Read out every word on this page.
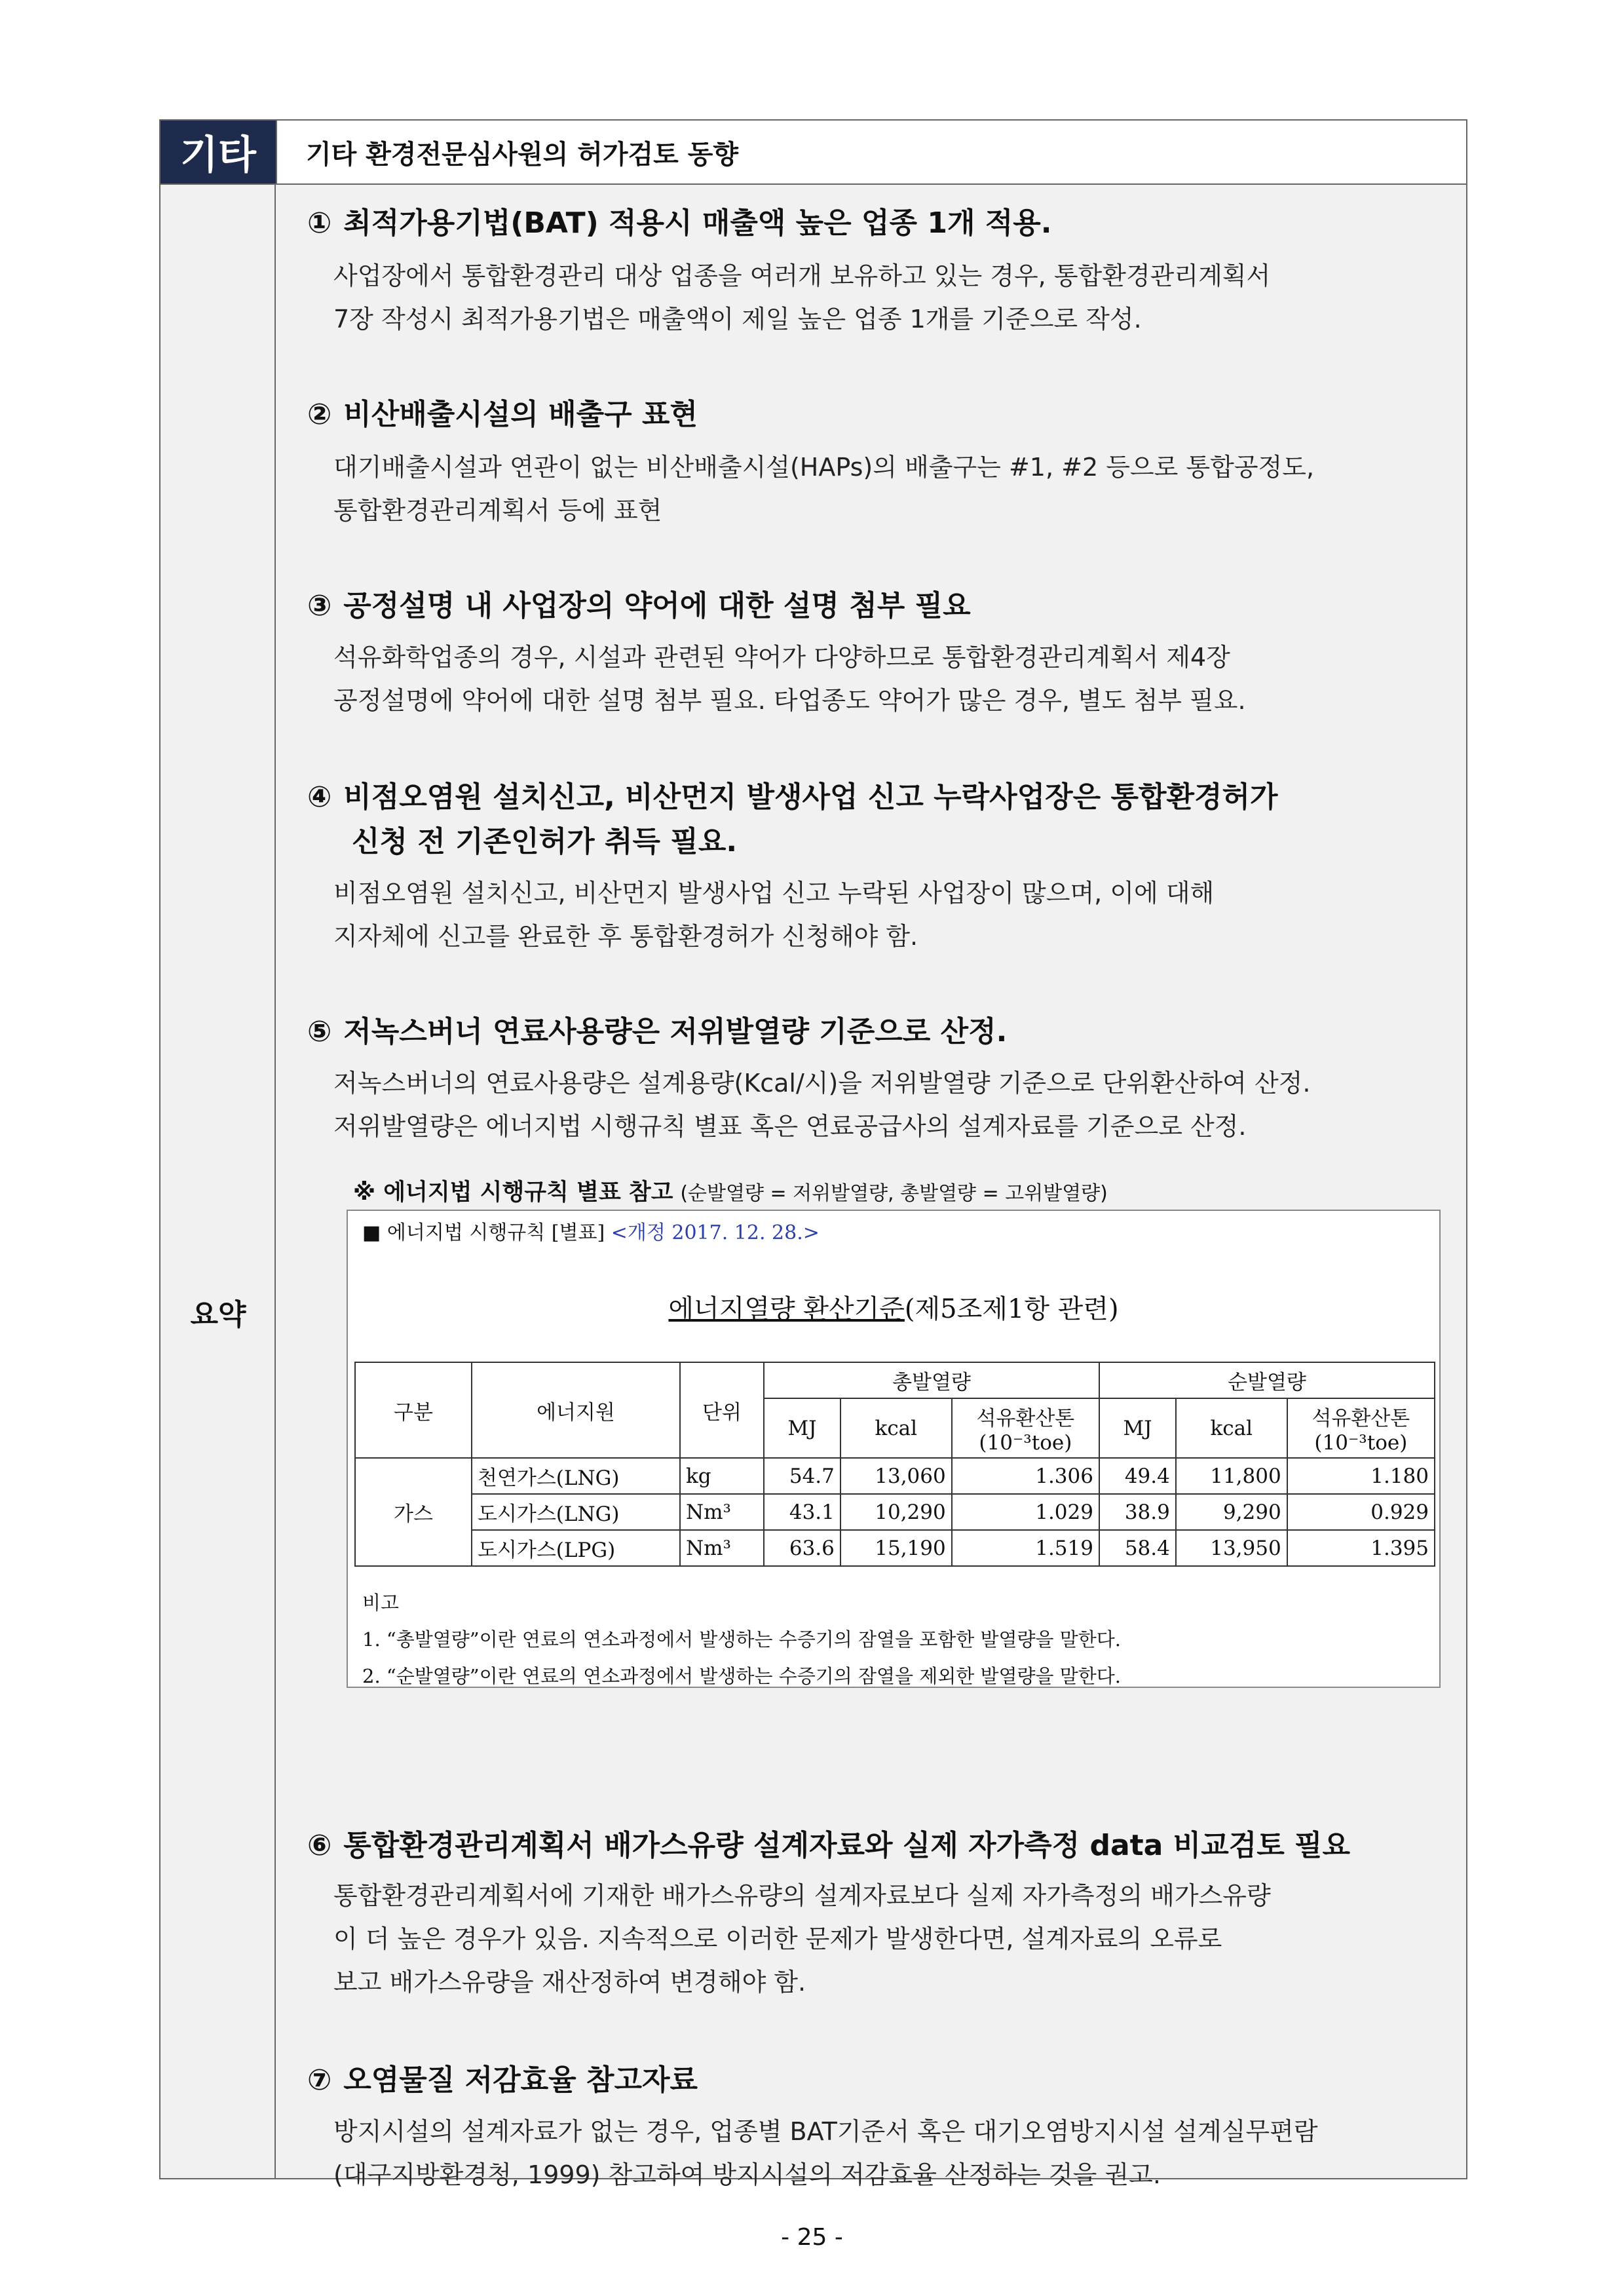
기타	기타 환경전문심사원의 허가검토 동향
요약
① 최적가용기법(BAT) 적용시 매출액 높은 업종 1개 적용.

사업장에서 통합환경관리 대상 업종을 여러개 보유하고 있는 경우, 통합환경관리계획서
7장 작성시 최적가용기법은 매출액이 제일 높은 업종 1개를 기준으로 작성.

② 비산배출시설의 배출구 표현

대기배출시설과 연관이 없는 비산배출시설(HAPs)의 배출구는 #1, #2 등으로 통합공정도,
통합환경관리계획서 등에 표현

③ 공정설명 내 사업장의 약어에 대한 설명 첨부 필요

석유화학업종의 경우, 시설과 관련된 약어가 다양하므로 통합환경관리계획서 제4장
공정설명에 약어에 대한 설명 첨부 필요. 타업종도 약어가 많은 경우, 별도 첨부 필요.

④ 비점오염원 설치신고, 비산먼지 발생사업 신고 누락사업장은 통합환경허가
신청 전 기존인허가 취득 필요.

비점오염원 설치신고, 비산먼지 발생사업 신고 누락된 사업장이 많으며, 이에 대해
지자체에 신고를 완료한 후 통합환경허가 신청해야 함.

⑤ 저녹스버너 연료사용량은 저위발열량 기준으로 산정.

저녹스버너의 연료사용량은 설계용량(Kcal/시)을 저위발열량 기준으로 단위환산하여 산정.
저위발열량은 에너지법 시행규칙 별표 혹은 연료공급사의 설계자료를 기준으로 산정.

※ 에너지법 시행규칙 별표 참고 (순발열량 = 저위발열량, 총발열량 = 고위발열량)
■ 에너지법 시행규칙 [별표] <개정 2017. 12. 28.>
에너지열량 환산기준(제5조제1항 관련)
구분	에너지원	단위	총발열량			순발열량		
			MJ	kcal	석유환산톤
(10⁻³toe)	MJ	kcal	석유환산톤
(10⁻³toe)
가스	천연가스(LNG)	kg	54.7	13,060	1.306	49.4	11,800	1.180
	도시가스(LNG)	Nm³	43.1	10,290	1.029	38.9	9,290	0.929
	도시가스(LPG)	Nm³	63.6	15,190	1.519	58.4	13,950	1.395
비고
1. “총발열량”이란 연료의 연소과정에서 발생하는 수증기의 잠열을 포함한 발열량을 말한다.
2. “순발열량”이란 연료의 연소과정에서 발생하는 수증기의 잠열을 제외한 발열량을 말한다.
⑥ 통합환경관리계획서 배가스유량 설계자료와 실제 자가측정 data 비교검토 필요

통합환경관리계획서에 기재한 배가스유량의 설계자료보다 실제 자가측정의 배가스유량
이 더 높은 경우가 있음. 지속적으로 이러한 문제가 발생한다면, 설계자료의 오류로
보고 배가스유량을 재산정하여 변경해야 함.

⑦ 오염물질 저감효율 참고자료

방지시설의 설계자료가 없는 경우, 업종별 BAT기준서 혹은 대기오염방지시설 설계실무편람
(대구지방환경청, 1999) 참고하여 방지시설의 저감효율 산정하는 것을 권고.

- 25 -
